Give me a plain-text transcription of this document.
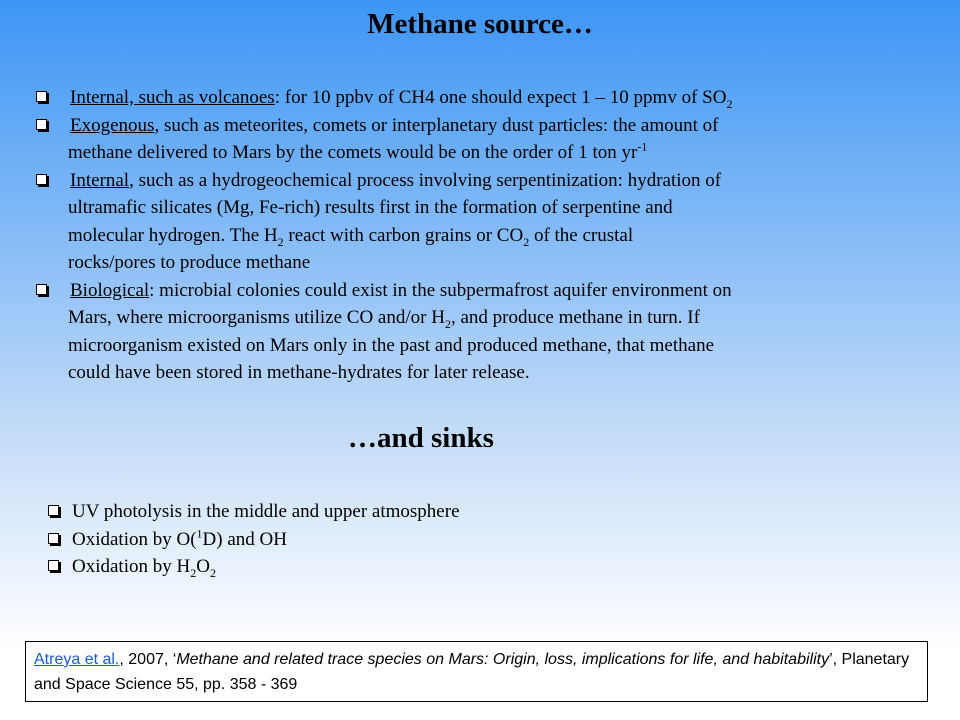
Methane source…
Internal, such as volcanoes: for 10 ppbv of CH4 one should expect 1 – 10 ppmv of $SO_2$
Exogenous, such as meteorites, comets or interplanetary dust particles: the amount of
methane delivered to Mars by the comets would be on the order of 1 ton $yr^{-1}$
Internal, such as a hydrogeochemical process involving serpentinization: hydration of
ultramafic silicates (Mg, Fe-rich) results first in the formation of serpentine and
molecular hydrogen. The $H_2$ react with carbon grains or $CO_2$ of the crustal
rocks/pores to produce methane
Biological: microbial colonies could exist in the subpermafrost aquifer environment on
Mars, where microorganisms utilize CO and/or $H_2$, and produce methane in turn. If
microorganism existed on Mars only in the past and produced methane, that methane
could have been stored in methane-hydrates for later release.
…and sinks
UV photolysis in the middle and upper atmosphere
Oxidation by O($^1$D) and OH
Oxidation by $H_2O_2$
Atreya et al., 2007, ‘Methane and related trace species on Mars: Origin, loss, implications for life, and habitability’, Planetary and Space Science 55, pp. 358 - 369
